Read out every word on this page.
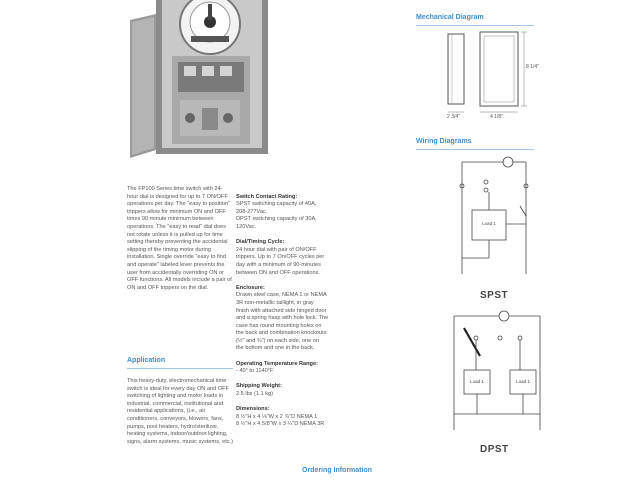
The FP100 Series time switch with 24-hour dial is designed for up to 7 ON/OFF operations per day. The "easy to position" trippers allow for minimum ON and OFF times 90 minute minimum between operations. The "easy to read" dial does not rotate unless it is pulled up for time setting thereby preventing the accidental slipping of the timing motor during installation. Single override "easy to find and operate" labeled lever prevents the user from accidentally overriding ON or OFF functions. All models include a pair of ON and OFF trippers on the dial.
Application
This heavy-duty, electromechanical time switch is ideal for every day ON and OFF switching of lighting and motor loads in industrial, commercial, institutional and residential applications, (i.e., air conditioners, conveyors, blowers, fans, pumps, pool heaters, hydro/sterilizer, heating systems, indoor/outdoor lighting, signs, alarm systems, music systems, etc.)

Switch Contact Rating:
SPST switching capacity of 40A,
208-277Vac.
DPST switching capacity of 30A,
120Vac.

Dial/Timing Cycle:
24 hour dial with pair of ON/OFF
trippers. Up to 7 On/OFF cycles per
day with a minimum of 90-minutes
between ON and OFF operations.

Enclosure:
Drawn steel case, NEMA 1 or NEMA
3R non-metallic taillight, in gray
finish with attached side hinged door
and a spring hasp with hole lock. The
case has round mounting holes on
the back and combination knockouts
(½" and ¾") on each side, one on
the bottom and one in the back.

Operating Temperature Range:
- 40° to 1140°F

Shipping Weight:
2.5 lbs (1.1 kg)

Dimensions:
8 ½"H x 4 ⅛"W x 2 ⅞"D NEMA 1
8 ½"H x 4 5/8"W x 3 ¼"D NEMA 3R

Ordering Information
Mechanical Diagram
8 1/4"
2 3/4"	4 1/8"
Wiring Diagrams
Load 1
SPST
Load 1	Load 1
DPST
